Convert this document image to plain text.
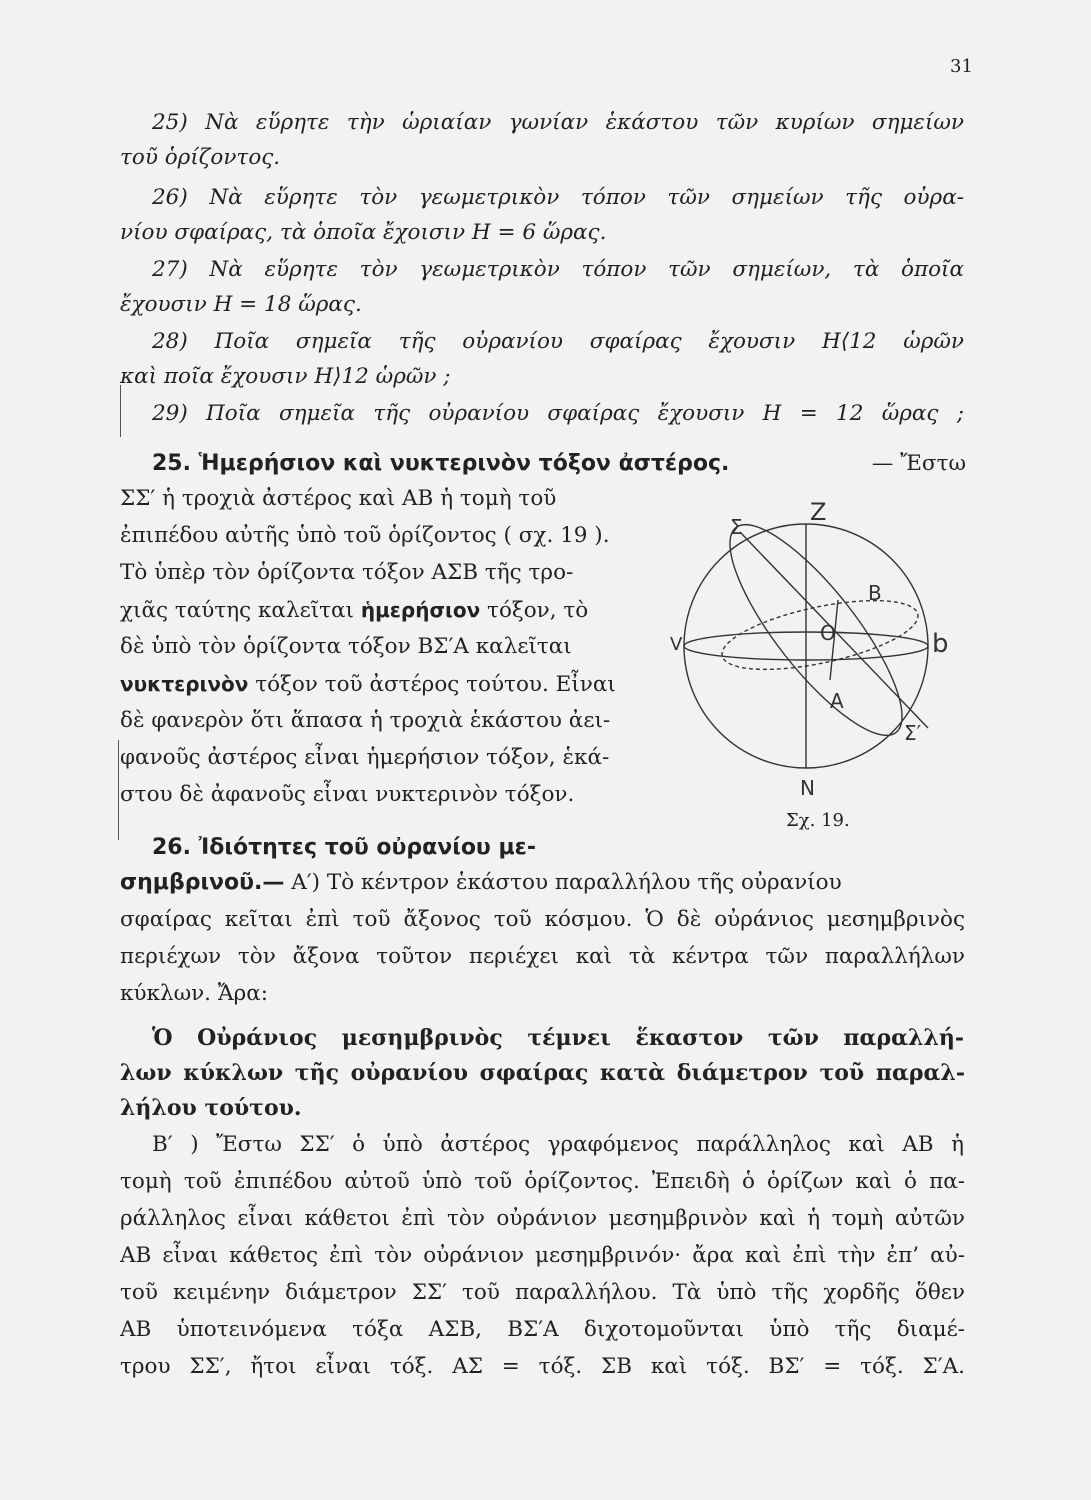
31
25) Νὰ εὕρητε τὴν ὡριαίαν γωνίαν ἑκάστου τῶν κυρίων σημείων
τοῦ ὁρίζοντος.
26) Νὰ εὕρητε τὸν γεωμετρικὸν τόπον τῶν σημείων τῆς οὐρα-
νίου σφαίρας, τὰ ὁποῖα ἔχοισιν Η = 6 ὥρας.
27) Νὰ εὕρητε τὸν γεωμετρικὸν τόπον τῶν σημείων, τὰ ὁποῖα
ἔχουσιν Η = 18 ὥρας.
28) Ποῖα σημεῖα τῆς οὐρανίου σφαίρας ἔχουσιν Η⟨12 ὡρῶν
καὶ ποῖα ἔχουσιν Η⟩12 ὡρῶν ;
29) Ποῖα σημεῖα τῆς οὐρανίου σφαίρας ἔχουσιν Η = 12 ὥρας ;
25. Ἡμερήσιον καὶ νυκτερινὸν τόξον ἀστέρος.	— Ἔστω
ΣΣ′ ἡ τροχιὰ ἀστέρος καὶ ΑΒ ἡ τομὴ τοῦ
ἐπιπέδου αὐτῆς ὑπὸ τοῦ ὁρίζοντος ( σχ. 19 ).
Τὸ ὑπὲρ τὸν ὁρίζοντα τόξον ΑΣΒ τῆς τρο-
χιᾶς ταύτης καλεῖται ἡμερήσιον τόξον, τὸ
δὲ ὑπὸ τὸν ὁρίζοντα τόξον ΒΣ′Α καλεῖται
νυκτερινὸν τόξον τοῦ ἀστέρος τούτου. Εἶναι
δὲ φανερὸν ὅτι ἅπασα ἡ τροχιὰ ἑκάστου ἀει-
φανοῦς ἀστέρος εἶναι ἡμερήσιον τόξον, ἑκά-
στου δὲ ἀφανοῦς εἶναι νυκτερινὸν τόξον.
Z
Σ
B
O
V	b
A
Σ′
N
Σχ. 19.
26. Ἰδιότητες τοῦ οὐρανίου με-
σημβρινοῦ.— Α′) Τὸ κέντρον ἑκάστου παραλλήλου τῆς οὐρανίου
σφαίρας κεῖται ἐπὶ τοῦ ἄξονος τοῦ κόσμου. Ὁ δὲ οὐράνιος μεσημβρινὸς
περιέχων τὸν ἄξονα τοῦτον περιέχει καὶ τὰ κέντρα τῶν παραλλήλων
κύκλων. Ἄρα:
Ὁ Οὐράνιος μεσημβρινὸς τέμνει ἕκαστον τῶν παραλλή-
λων κύκλων τῆς οὐρανίου σφαίρας κατὰ διάμετρον τοῦ παραλ-
λήλου τούτου.
Β′ ) Ἔστω ΣΣ′ ὁ ὑπὸ ἀστέρος γραφόμενος παράλληλος καὶ ΑΒ ἡ
τομὴ τοῦ ἐπιπέδου αὐτοῦ ὑπὸ τοῦ ὁρίζοντος. Ἐπειδὴ ὁ ὁρίζων καὶ ὁ πα-
ράλληλος εἶναι κάθετοι ἐπὶ τὸν οὐράνιον μεσημβρινὸν καὶ ἡ τομὴ αὐτῶν
ΑΒ εἶναι κάθετος ἐπὶ τὸν οὐράνιον μεσημβρινόν· ἄρα καὶ ἐπὶ τὴν ἐπ’ αὐ-
τοῦ κειμένην διάμετρον ΣΣ′ τοῦ παραλλήλου. Τὰ ὑπὸ τῆς χορδῆς ὅθεν
ΑΒ ὑποτεινόμενα τόξα ΑΣΒ, ΒΣ′Α διχοτομοῦνται ὑπὸ τῆς διαμέ-
τρου ΣΣ′, ἤτοι εἶναι τόξ. ΑΣ = τόξ. ΣΒ καὶ τόξ. ΒΣ′ = τόξ. Σ′Α.
